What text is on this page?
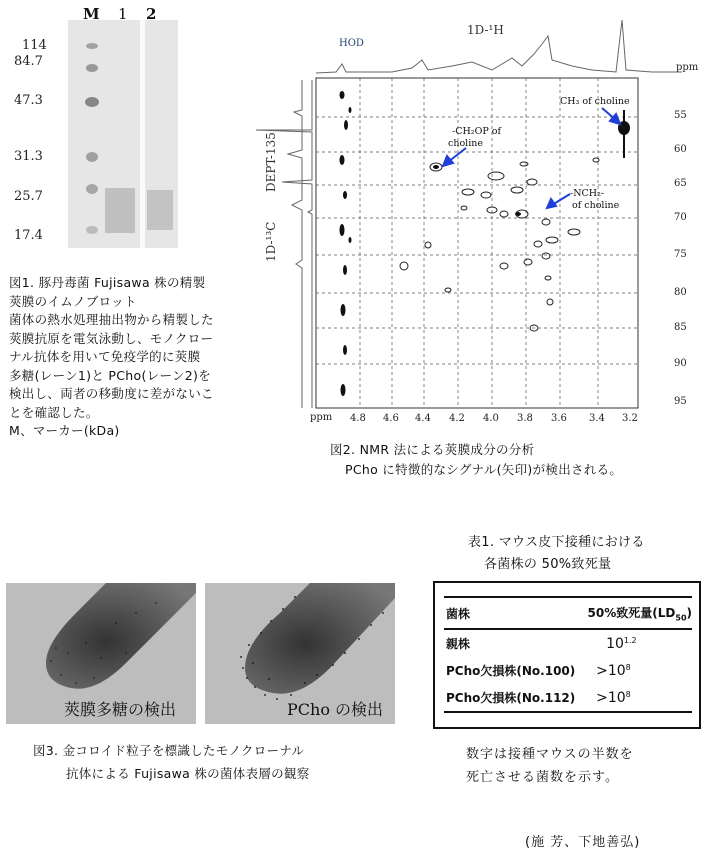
M 1 2
114
84.7
47.3
31.3
25.7
17.4

図1. 豚丹毒菌 Fujisawa 株の精製

莢膜のイムノブロット

菌体の熱水処理抽出物から精製した

莢膜抗原を電気泳動し、モノクロー

ナル抗体を用いて免疫学的に莢膜

多糖(レーン1)と PCho(レーン2)を

検出し、両者の移動度に差がないこ

とを確認した。

M、マーカー(kDa)

1D-¹H
HOD
ppm
DEPT-135
1D-¹³C
CH₃ of choline
-CH₂OP of
choline
-NCH₂-
of choline
ppm 4.8 4.6 4.4 4.2 4.0 3.8 3.6 3.4 3.2
55
60
65
70
75
80
85
90
95
図2. NMR 法による莢膜成分の分析
PCho に特徴的なシグナル(矢印)が検出される。
莢膜多糖の検出	PCho の検出
図3. 金コロイド粒子を標識したモノクローナル
抗体による Fujisawa 株の菌体表層の観察
表1. マウス皮下接種における
各菌株の 50%致死量
菌株	50%致死量$(LD_{50})$
親株	$10^{1.2}$
PCho欠損株(No.100)	$>10^8$
PCho欠損株(No.112)	$>10^8$
数字は接種マウスの半数を
死亡させる菌数を示す。
(施 芳、下地善弘)
